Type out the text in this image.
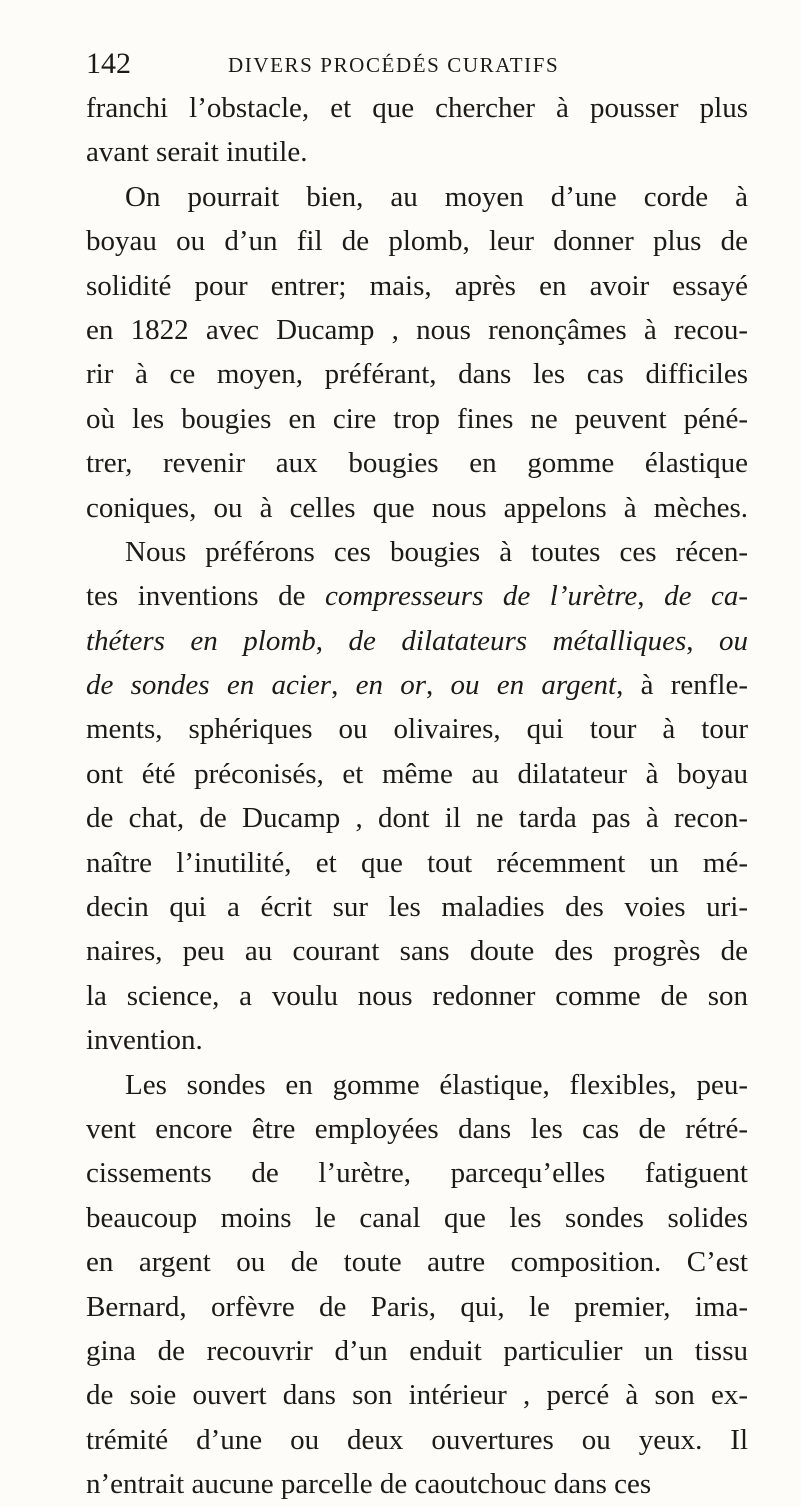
142	DIVERS PROCÉDÉS CURATIFS
franchi l’obstacle, et que chercher à pousser plus
avant serait inutile.
On pourrait bien, au moyen d’une corde à
boyau ou d’un fil de plomb, leur donner plus de
solidité pour entrer; mais, après en avoir essayé
en 1822 avec Ducamp , nous renonçâmes à recou-
rir à ce moyen, préférant, dans les cas difficiles
où les bougies en cire trop fines ne peuvent péné-
trer, revenir aux bougies en gomme élastique
coniques, ou à celles que nous appelons à mèches.
Nous préférons ces bougies à toutes ces récen-
tes inventions de compresseurs de l’urètre, de ca-
théters en plomb, de dilatateurs métalliques, ou
de sondes en acier, en or, ou en argent, à renfle-
ments, sphériques ou olivaires, qui tour à tour
ont été préconisés, et même au dilatateur à boyau
de chat, de Ducamp , dont il ne tarda pas à recon-
naître l’inutilité, et que tout récemment un mé-
decin qui a écrit sur les maladies des voies uri-
naires, peu au courant sans doute des progrès de
la science, a voulu nous redonner comme de son
invention.
Les sondes en gomme élastique, flexibles, peu-
vent encore être employées dans les cas de rétré-
cissements de l’urètre, parcequ’elles fatiguent
beaucoup moins le canal que les sondes solides
en argent ou de toute autre composition. C’est
Bernard, orfèvre de Paris, qui, le premier, ima-
gina de recouvrir d’un enduit particulier un tissu
de soie ouvert dans son intérieur , percé à son ex-
trémité d’une ou deux ouvertures ou yeux. Il
n’entrait aucune parcelle de caoutchouc dans ces
